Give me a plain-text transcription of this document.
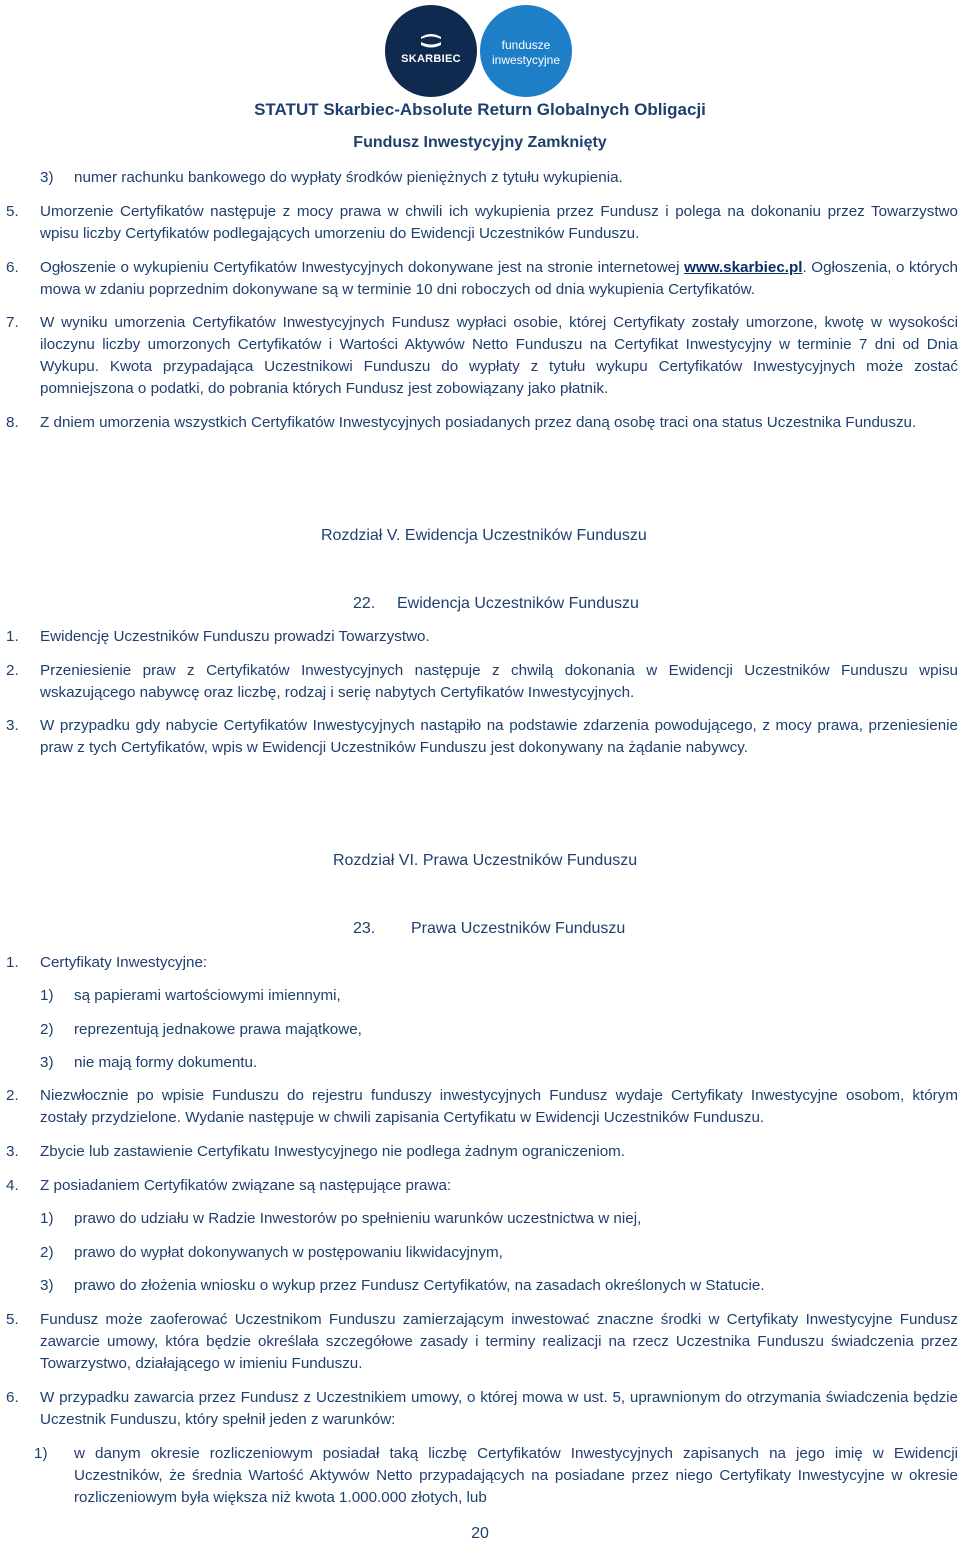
SKARBIEC
fundusze
inwestycyjne
STATUT Skarbiec-Absolute Return Globalnych Obligacji
Fundusz Inwestycyjny Zamknięty
3) numer rachunku bankowego do wypłaty środków pieniężnych z tytułu wykupienia.
5. Umorzenie Certyfikatów następuje z mocy prawa w chwili ich wykupienia przez Fundusz i polega na dokonaniu przez Towarzystwo wpisu liczby Certyfikatów podlegających umorzeniu do Ewidencji Uczestników Funduszu.
6. Ogłoszenie o wykupieniu Certyfikatów Inwestycyjnych dokonywane jest na stronie internetowej www.skarbiec.pl. Ogłoszenia, o których mowa w zdaniu poprzednim dokonywane są w terminie 10 dni roboczych od dnia wykupienia Certyfikatów.
7. W wyniku umorzenia Certyfikatów Inwestycyjnych Fundusz wypłaci osobie, której Certyfikaty zostały umorzone, kwotę w wysokości iloczynu liczby umorzonych Certyfikatów i Wartości Aktywów Netto Funduszu na Certyfikat Inwestycyjny w terminie 7 dni od Dnia Wykupu. Kwota przypadająca Uczestnikowi Funduszu do wypłaty z tytułu wykupu Certyfikatów Inwestycyjnych może zostać pomniejszona o podatki, do pobrania których Fundusz jest zobowiązany jako płatnik.
8. Z dniem umorzenia wszystkich Certyfikatów Inwestycyjnych posiadanych przez daną osobę traci ona status Uczestnika Funduszu.
Rozdział V. Ewidencja Uczestników Funduszu
22. Ewidencja Uczestników Funduszu
1. Ewidencję Uczestników Funduszu prowadzi Towarzystwo.
2. Przeniesienie praw z Certyfikatów Inwestycyjnych następuje z chwilą dokonania w Ewidencji Uczestników Funduszu wpisu wskazującego nabywcę oraz liczbę, rodzaj i serię nabytych Certyfikatów Inwestycyjnych.
3. W przypadku gdy nabycie Certyfikatów Inwestycyjnych nastąpiło na podstawie zdarzenia powodującego, z mocy prawa, przeniesienie praw z tych Certyfikatów, wpis w Ewidencji Uczestników Funduszu jest dokonywany na żądanie nabywcy.
Rozdział VI. Prawa Uczestników Funduszu
23. Prawa Uczestników Funduszu
1. Certyfikaty Inwestycyjne:
1) są papierami wartościowymi imiennymi,
2) reprezentują jednakowe prawa majątkowe,
3) nie mają formy dokumentu.
2. Niezwłocznie po wpisie Funduszu do rejestru funduszy inwestycyjnych Fundusz wydaje Certyfikaty Inwestycyjne osobom, którym zostały przydzielone. Wydanie następuje w chwili zapisania Certyfikatu w Ewidencji Uczestników Funduszu.
3. Zbycie lub zastawienie Certyfikatu Inwestycyjnego nie podlega żadnym ograniczeniom.
4. Z posiadaniem Certyfikatów związane są następujące prawa:
1) prawo do udziału w Radzie Inwestorów po spełnieniu warunków uczestnictwa w niej,
2) prawo do wypłat dokonywanych w postępowaniu likwidacyjnym,
3) prawo do złożenia wniosku o wykup przez Fundusz Certyfikatów, na zasadach określonych w Statucie.
5. Fundusz może zaoferować Uczestnikom Funduszu zamierzającym inwestować znaczne środki w Certyfikaty Inwestycyjne Fundusz zawarcie umowy, która będzie określała szczegółowe zasady i terminy realizacji na rzecz Uczestnika Funduszu świadczenia przez Towarzystwo, działającego w imieniu Funduszu.
6. W przypadku zawarcia przez Fundusz z Uczestnikiem umowy, o której mowa w ust. 5, uprawnionym do otrzymania świadczenia będzie Uczestnik Funduszu, który spełnił jeden z warunków:
1) w danym okresie rozliczeniowym posiadał taką liczbę Certyfikatów Inwestycyjnych zapisanych na jego imię w Ewidencji Uczestników, że średnia Wartość Aktywów Netto przypadających na posiadane przez niego Certyfikaty Inwestycyjne w okresie rozliczeniowym była większa niż kwota 1.000.000 złotych, lub
20
